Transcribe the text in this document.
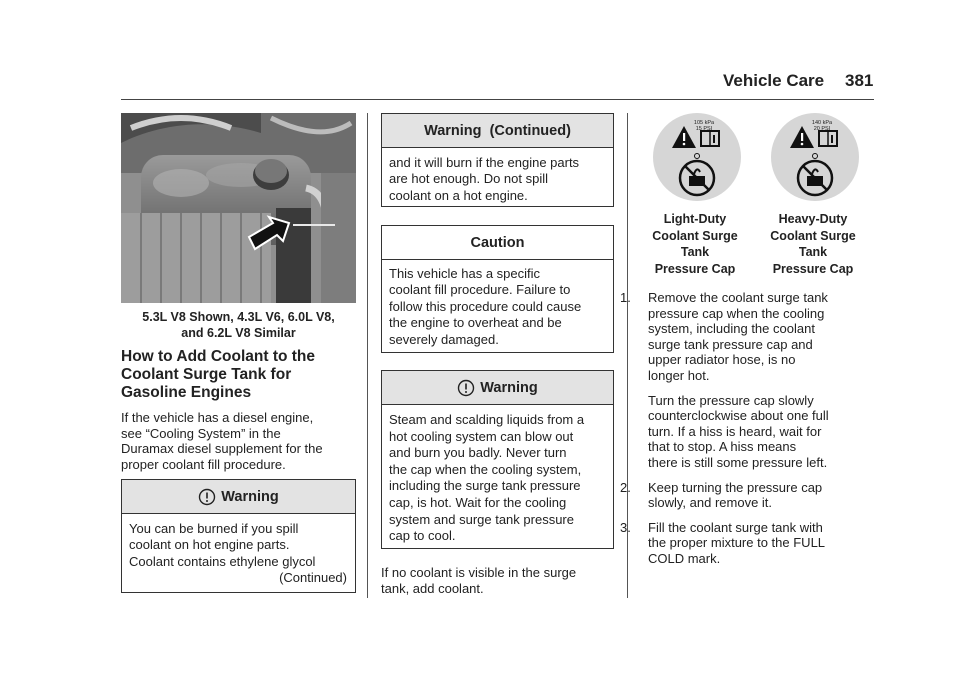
Vehicle Care 381
5.3L V8 Shown, 4.3L V6, 6.0L V8,
and 6.2L V8 Similar
How to Add Coolant to the
Coolant Surge Tank for
Gasoline Engines
If the vehicle has a diesel engine,
see “Cooling System” in the
Duramax diesel supplement for the
proper coolant fill procedure.
Warning
You can be burned if you spill
coolant on hot engine parts.
Coolant contains ethylene glycol
(Continued)
Warning  (Continued)
and it will burn if the engine parts
are hot enough. Do not spill
coolant on a hot engine.
Caution
This vehicle has a specific
coolant fill procedure. Failure to
follow this procedure could cause
the engine to overheat and be
severely damaged.
Warning
Steam and scalding liquids from a
hot cooling system can blow out
and burn you badly. Never turn
the cap when the cooling system,
including the surge tank pressure
cap, is hot. Wait for the cooling
system and surge tank pressure
cap to cool.
If no coolant is visible in the surge
tank, add coolant.
105 kPa
15 PSI
Light-Duty
Coolant Surge
Tank
Pressure Cap
140 kPa
20 PSI
Heavy-Duty
Coolant Surge
Tank
Pressure Cap
1.	Remove the coolant surge tank
pressure cap when the cooling
system, including the coolant
surge tank pressure cap and
upper radiator hose, is no
longer hot.
Turn the pressure cap slowly
counterclockwise about one full
turn. If a hiss is heard, wait for
that to stop. A hiss means
there is still some pressure left.
2.	Keep turning the pressure cap
slowly, and remove it.
3.	Fill the coolant surge tank with
the proper mixture to the FULL
COLD mark.
